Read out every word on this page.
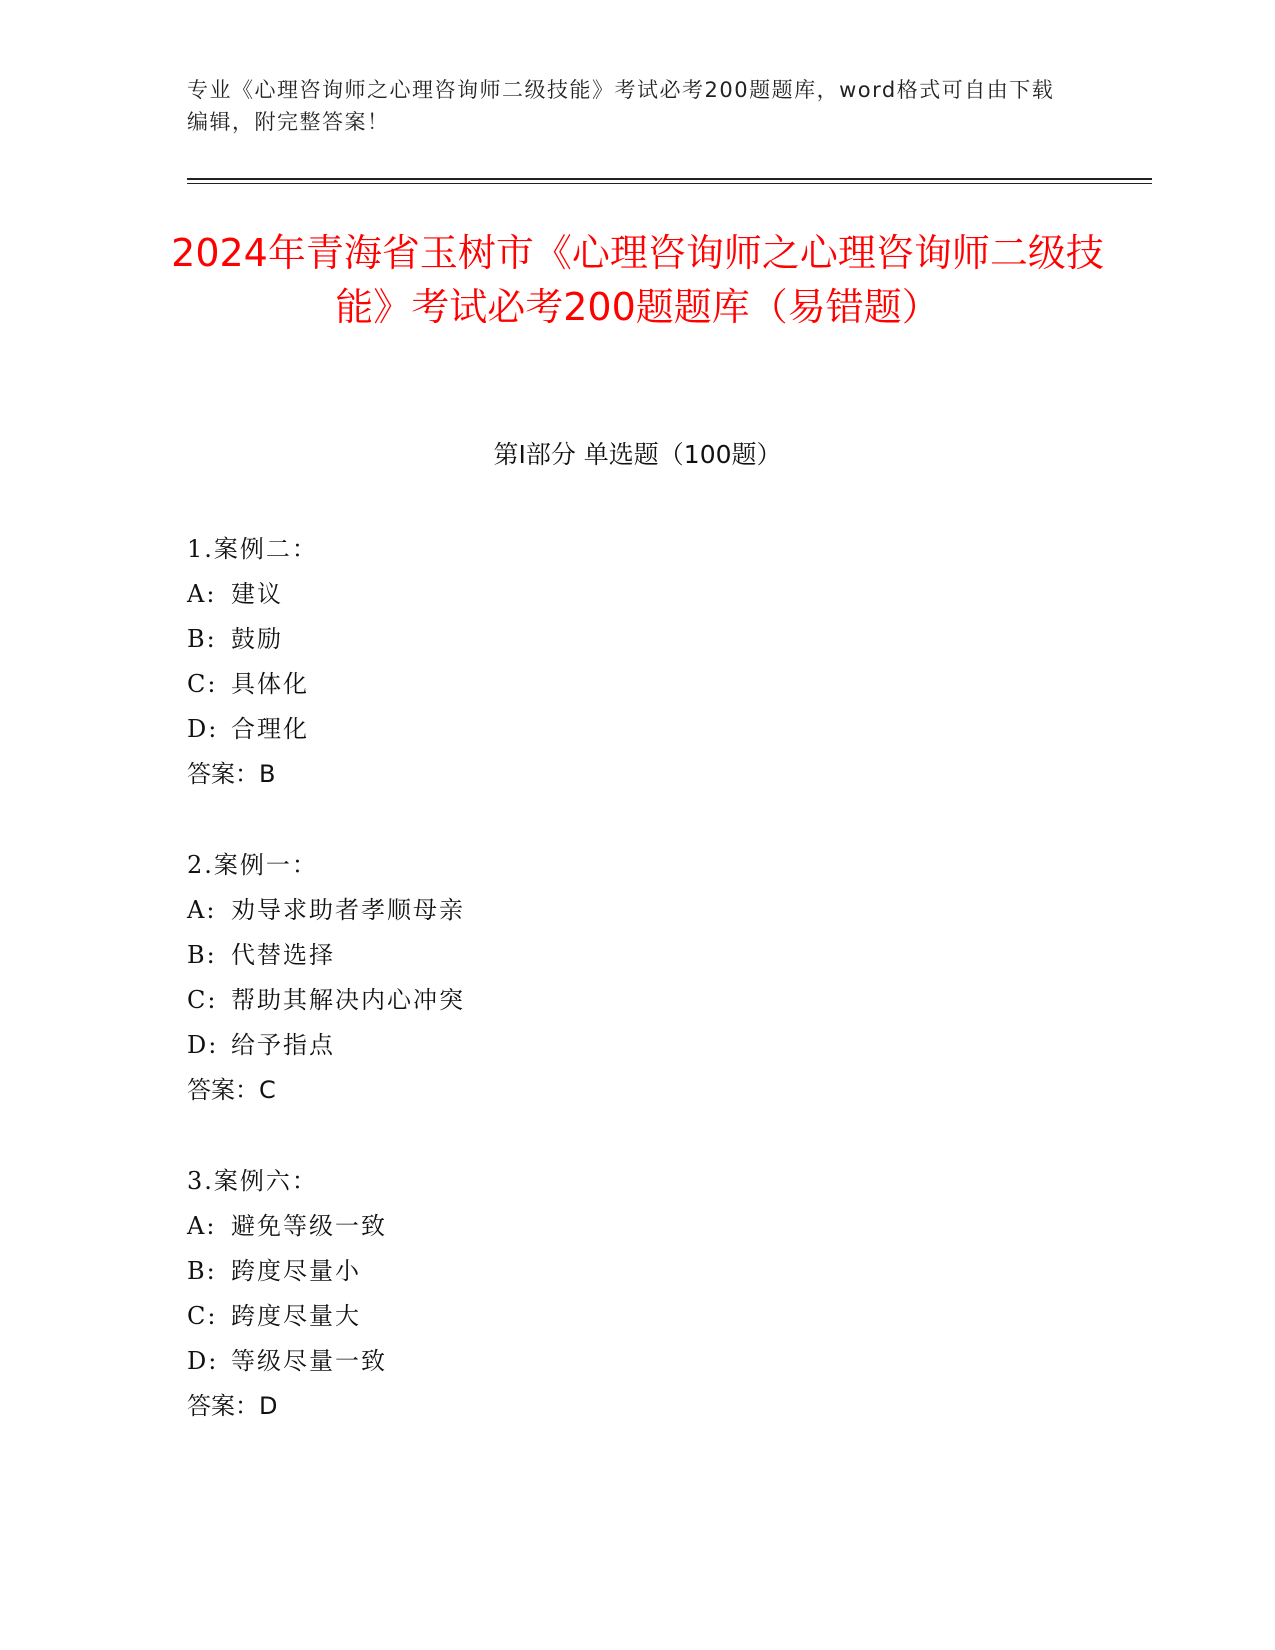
专业《心理咨询师之心理咨询师二级技能》考试必考200题题库，word格式可自由下载编辑，附完整答案！
2024年青海省玉树市《心理咨询师之心理咨询师二级技能》考试必考200题题库（易错题）
第I部分 单选题（100题）
1.案例二：
A: 建议
B: 鼓励
C: 具体化
D: 合理化
答案：B
2.案例一：
A: 劝导求助者孝顺母亲
B: 代替选择
C: 帮助其解决内心冲突
D: 给予指点
答案：C
3.案例六：
A: 避免等级一致
B: 跨度尽量小
C: 跨度尽量大
D: 等级尽量一致
答案：D
